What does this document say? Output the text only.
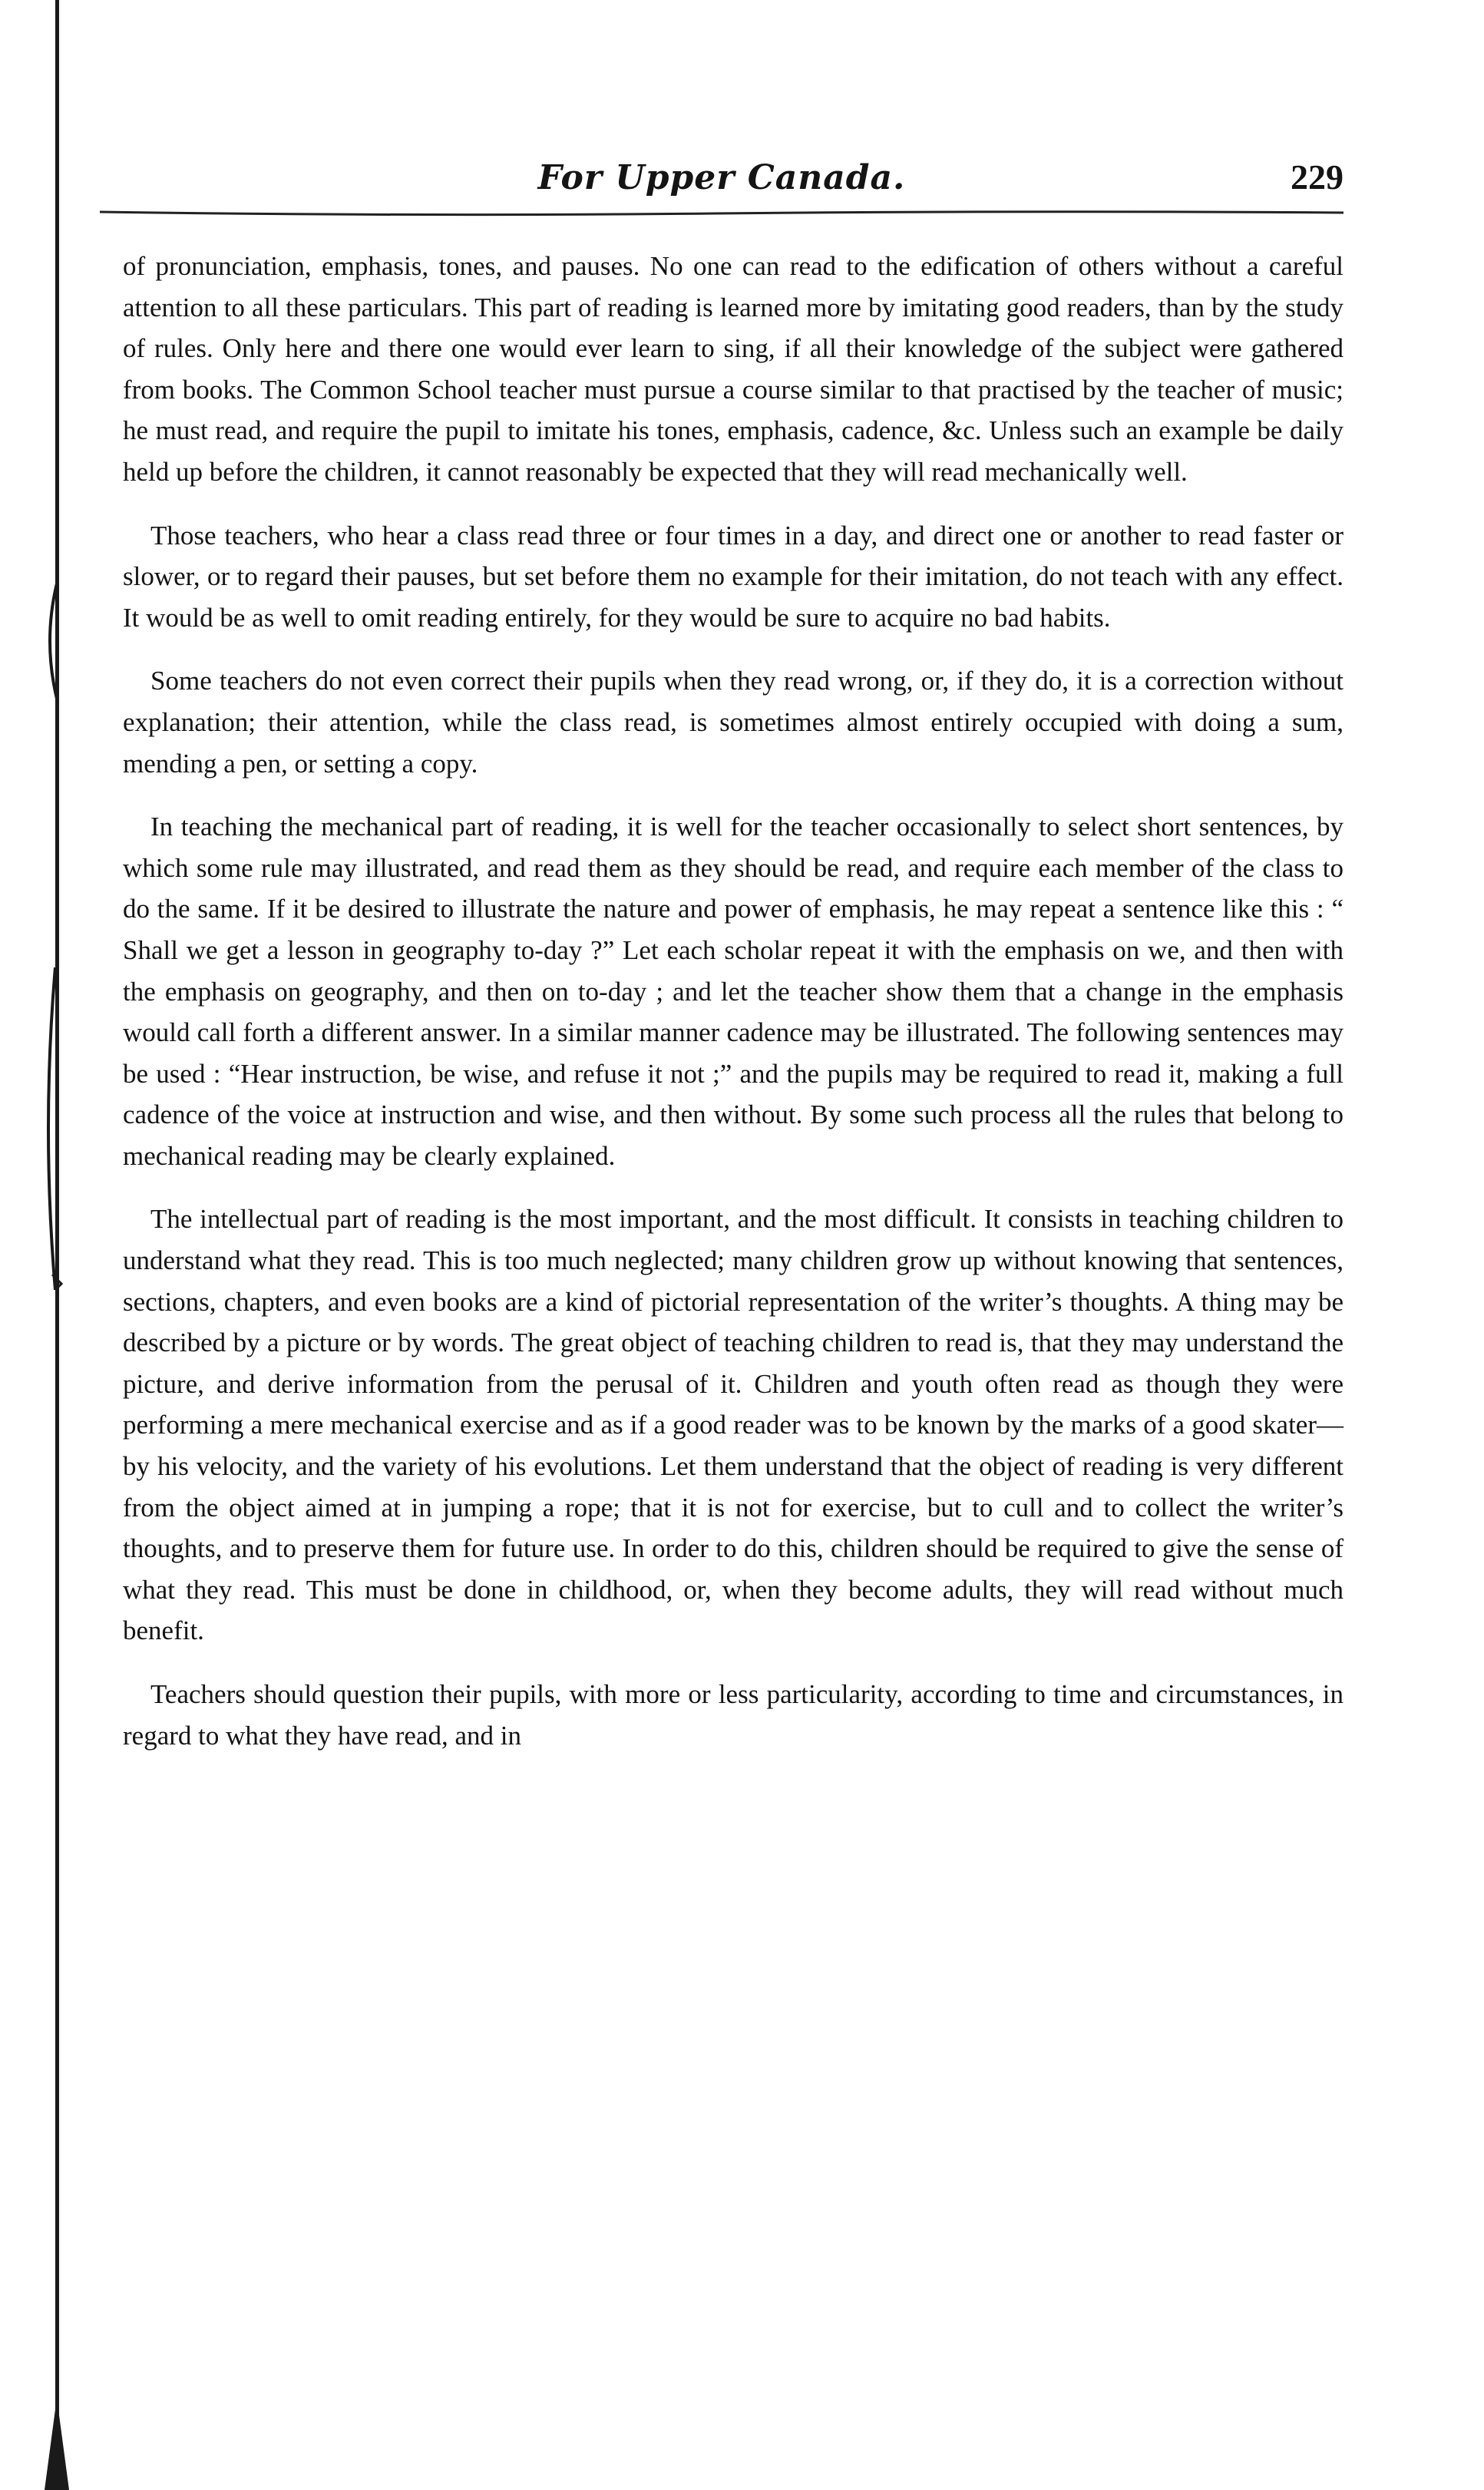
For Upper Canada.	229

of pronunciation, emphasis, tones, and pauses. No one can read to the edification of others without a careful attention to all these particulars. This part of reading is learned more by imitating good readers, than by the study of rules. Only here and there one would ever learn to sing, if all their knowledge of the subject were gathered from books. The Common School teacher must pursue a course similar to that practised by the teacher of music; he must read, and require the pupil to imitate his tones, emphasis, cadence, &c. Unless such an example be daily held up before the children, it cannot reasonably be expected that they will read mechanically well.

Those teachers, who hear a class read three or four times in a day, and direct one or another to read faster or slower, or to regard their pauses, but set before them no example for their imitation, do not teach with any effect. It would be as well to omit reading entirely, for they would be sure to acquire no bad habits.

Some teachers do not even correct their pupils when they read wrong, or, if they do, it is a correction without explanation; their attention, while the class read, is sometimes almost entirely occupied with doing a sum, mending a pen, or setting a copy.

In teaching the mechanical part of reading, it is well for the teacher occasionally to select short sentences, by which some rule may illustrated, and read them as they should be read, and require each member of the class to do the same. If it be desired to illustrate the nature and power of emphasis, he may repeat a sentence like this : “ Shall we get a lesson in geography to-day ?” Let each scholar repeat it with the emphasis on we, and then with the emphasis on geography, and then on to-day ; and let the teacher show them that a change in the emphasis would call forth a different answer. In a similar manner cadence may be illustrated. The following sentences may be used : “Hear instruction, be wise, and refuse it not ;” and the pupils may be required to read it, making a full cadence of the voice at instruction and wise, and then without. By some such process all the rules that belong to mechanical reading may be clearly explained.

The intellectual part of reading is the most important, and the most difficult. It consists in teaching children to understand what they read. This is too much neglected; many children grow up without knowing that sentences, sections, chapters, and even books are a kind of pictorial representation of the writer’s thoughts. A thing may be described by a picture or by words. The great object of teaching children to read is, that they may understand the picture, and derive information from the perusal of it. Children and youth often read as though they were performing a mere mechanical exercise and as if a good reader was to be known by the marks of a good skater—by his velocity, and the variety of his evolutions. Let them understand that the object of reading is very different from the object aimed at in jumping a rope; that it is not for exercise, but to cull and to collect the writer’s thoughts, and to preserve them for future use. In order to do this, children should be required to give the sense of what they read. This must be done in childhood, or, when they become adults, they will read without much benefit.

Teachers should question their pupils, with more or less particularity, according to time and circumstances, in regard to what they have read, and in
